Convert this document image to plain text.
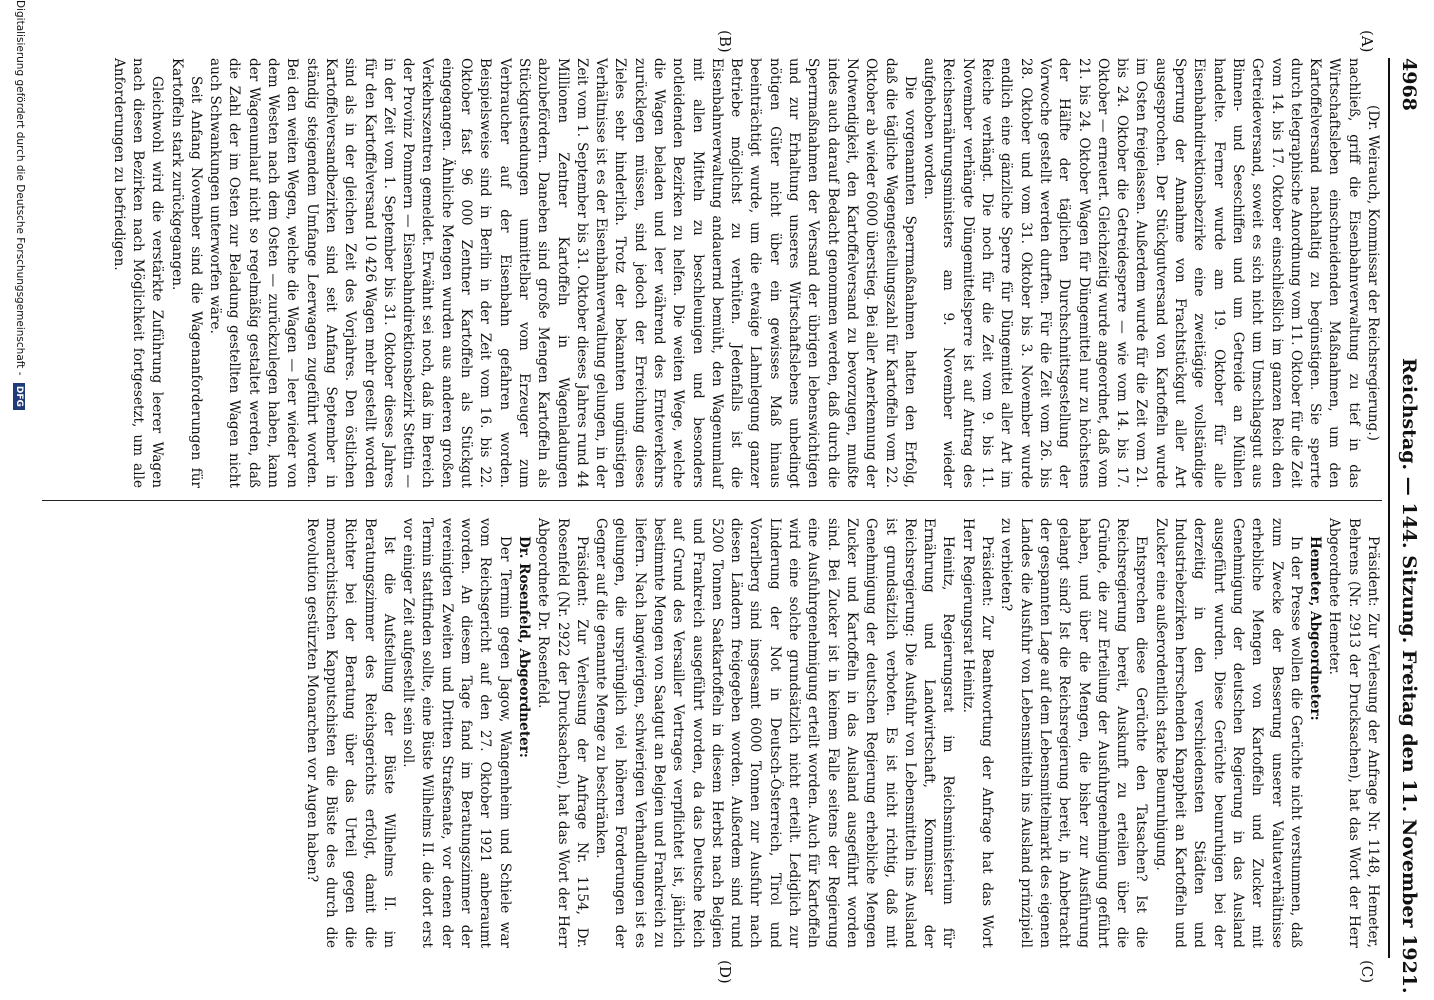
4968
Reichstag. — 144. Sitzung. Freitag den 11. November 1921.
(A)
(B)
(C)
(D)

(Dr. Weirauch, Kommissar der Reichsregierung.)

nachließ, griff die Eisenbahnverwaltung zu tief in das Wirtschaftsleben einschneidenden Maßnahmen, um den Kartoffelversand nachhaltig zu begünstigen. Sie sperrte durch telegraphische Anordnung vom 11. Oktober für die Zeit vom 14. bis 17. Oktober einschließlich im ganzen Reich den Getreideversand, soweit es sich nicht um Umschlagsgut aus Binnen- und Seeschiffen und um Getreide an Mühlen handelte. Ferner wurde am 19. Oktober für alle Eisenbahndirektionsbezirke eine zweitägige vollständige Sperrung der Annahme von Frachtstückgut aller Art ausgesprochen. Der Stückgutversand von Kartoffeln wurde im Osten freigelassen. Außerdem wurde für die Zeit vom 21. bis 24. Oktober die Getreidesperre — wie vom 14. bis 17. Oktober — erneuert. Gleichzeitig wurde angeordnet, daß vom 21. bis 24. Oktober Wagen für Düngemittel nur zu höchstens der Hälfte der täglichen Durchschnittsgestellung der Vorwoche gestellt werden durften. Für die Zeit vom 26. bis 28. Oktober und vom 31. Oktober bis 3. November wurde endlich eine gänzliche Sperre für Düngemittel aller Art im Reiche verhängt. Die noch für die Zeit vom 9. bis 11. November verhängte Düngemittelsperre ist auf Antrag des Reichsernährungsministers am 9. November wieder aufgehoben worden.

Die vorgenannten Sperrmaßnahmen hatten den Erfolg, daß die tägliche Wagengestellungszahl für Kartoffeln vom 22. Oktober ab wieder 6000 überstieg. Bei aller Anerkennung der Notwendigkeit, den Kartoffelversand zu bevorzugen, mußte indes auch darauf Bedacht genommen werden, daß durch die Sperrmaßnahmen der Versand der übrigen lebenswichtigen und zur Erhaltung unseres Wirtschaftslebens unbedingt nötigen Güter nicht über ein gewisses Maß hinaus beeinträchtigt wurde, um die etwaige Lahmlegung ganzer Betriebe möglichst zu verhüten. Jedenfalls ist die Eisenbahnverwaltung andauernd bemüht, den Wagenumlauf mit allen Mitteln zu beschleunigen und besonders notleidenden Bezirken zu helfen. Die weiten Wege, welche die Wagen beladen und leer während des Ernteverkehrs zurücklegen müssen, sind jedoch der Erreichung dieses Zieles sehr hinderlich. Trotz der bekannten ungünstigen Verhältnisse ist es der Eisenbahnverwaltung gelungen, in der Zeit vom 1. September bis 31. Oktober dieses Jahres rund 44 Millionen Zentner Kartoffeln in Wagenladungen abzubefördern. Daneben sind große Mengen Kartoffeln als Stückgutsendungen unmittelbar vom Erzeuger zum Verbraucher auf der Eisenbahn gefahren worden. Beispielsweise sind in Berlin in der Zeit vom 16. bis 22. Oktober fast 96 000 Zentner Kartoffeln als Stückgut eingegangen. Ähnliche Mengen wurden aus anderen großen Verkehrszentren gemeldet. Erwähnt sei noch, daß im Bereich der Provinz Pommern — Eisenbahndirektionsbezirk Stettin — in der Zeit vom 1. September bis 31. Oktober dieses Jahres für den Kartoffelversand 10 426 Wagen mehr gestellt worden sind als in der gleichen Zeit des Vorjahres. Den östlichen Kartoffelversandbezirken sind seit Anfang September in ständig steigendem Umfange Leerwagen zugeführt worden. Bei den weiten Wegen, welche die Wagen — leer wieder von dem Westen nach dem Osten — zurückzulegen haben, kann der Wagenumlauf nicht so regelmäßig gestaltet werden, daß die Zahl der im Osten zur Beladung gestellten Wagen nicht auch Schwankungen unterworfen wäre.

Seit Anfang November sind die Wagenanforderungen für Kartoffeln stark zurückgegangen.

Gleichwohl wird die verstärkte Zuführung leerer Wagen nach diesen Bezirken nach Möglichkeit fortgesetzt, um alle Anforderungen zu befriedigen.

Präsident: Zur Verlesung der Anfrage Nr. 1148, Hemeter, Behrens (Nr. 2913 der Drucksachen), hat das Wort der Herr Abgeordnete Hemeter.

Hemeter, Abgeordneter:

In der Presse wollen die Gerüchte nicht verstummen, daß zum Zwecke der Besserung unserer Valutaverhältnisse erhebliche Mengen von Kartoffeln und Zucker mit Genehmigung der deutschen Regierung in das Ausland ausgeführt wurden. Diese Gerüchte beunruhigen bei der derzeitig in den verschiedensten Städten und Industriebezirken herrschenden Knappheit an Kartoffeln und Zucker eine außerordentlich starke Beunruhigung.

Entsprechen diese Gerüchte den Tatsachen? Ist die Reichsregierung bereit, Auskunft zu erteilen über die Gründe, die zur Erteilung der Ausfuhrgenehmigung geführt haben, und über die Mengen, die bisher zur Ausführung gelangt sind? Ist die Reichsregierung bereit, in Anbetracht der gespannten Lage auf dem Lebensmittelmarkt des eigenen Landes die Ausfuhr von Lebensmitteln ins Ausland prinzipiell zu verbieten?

Präsident: Zur Beantwortung der Anfrage hat das Wort Herr Regierungsrat Heinitz.

Heinitz, Regierungsrat im Reichsministerium für Ernährung und Landwirtschaft, Kommissar der Reichsregierung: Die Ausfuhr von Lebensmitteln ins Ausland ist grundsätzlich verboten. Es ist nicht richtig, daß mit Genehmigung der deutschen Regierung erhebliche Mengen Zucker und Kartoffeln in das Ausland ausgeführt worden sind. Bei Zucker ist in keinem Falle seitens der Regierung eine Ausfuhrgenehmigung erteilt worden. Auch für Kartoffeln wird eine solche grundsätzlich nicht erteilt. Lediglich zur Linderung der Not in Deutsch-Österreich, Tirol und Vorarlberg sind insgesamt 6000 Tonnen zur Ausfuhr nach diesen Ländern freigegeben worden. Außerdem sind rund 5200 Tonnen Saatkartoffeln in diesem Herbst nach Belgien und Frankreich ausgeführt worden, da das Deutsche Reich auf Grund des Versailler Vertrages verpflichtet ist, jährlich bestimmte Mengen von Saatgut an Belgien und Frankreich zu liefern. Nach langwierigen, schwierigen Verhandlungen ist es gelungen, die ursprünglich viel höheren Forderungen der Gegner auf die genannte Menge zu beschränken.

Präsident: Zur Verlesung der Anfrage Nr. 1154, Dr. Rosenfeld (Nr. 2922 der Drucksachen), hat das Wort der Herr Abgeordnete Dr. Rosenfeld.

Dr. Rosenfeld, Abgeordneter:

Der Termin gegen Jagow, Wangenheim und Schiele war vom Reichsgericht auf den 27. Oktober 1921 anberaumt worden. An diesem Tage fand im Beratungszimmer der vereinigten Zweiten und Dritten Strafsenate, vor denen der Termin stattfinden sollte, eine Büste Wilhelms II. die dort erst vor einiger Zeit aufgestellt sein soll.

Ist die Aufstellung der Büste Wilhelms II. im Beratungszimmer des Reichsgerichts erfolgt, damit die Richter bei der Beratung über das Urteil gegen die monarchistischen Kapputschisten die Büste des durch die Revolution gestürzten Monarchen vor Augen haben?

Digitalisierung gefördert durch die Deutsche Forschungsgemeinschaft - DFG
